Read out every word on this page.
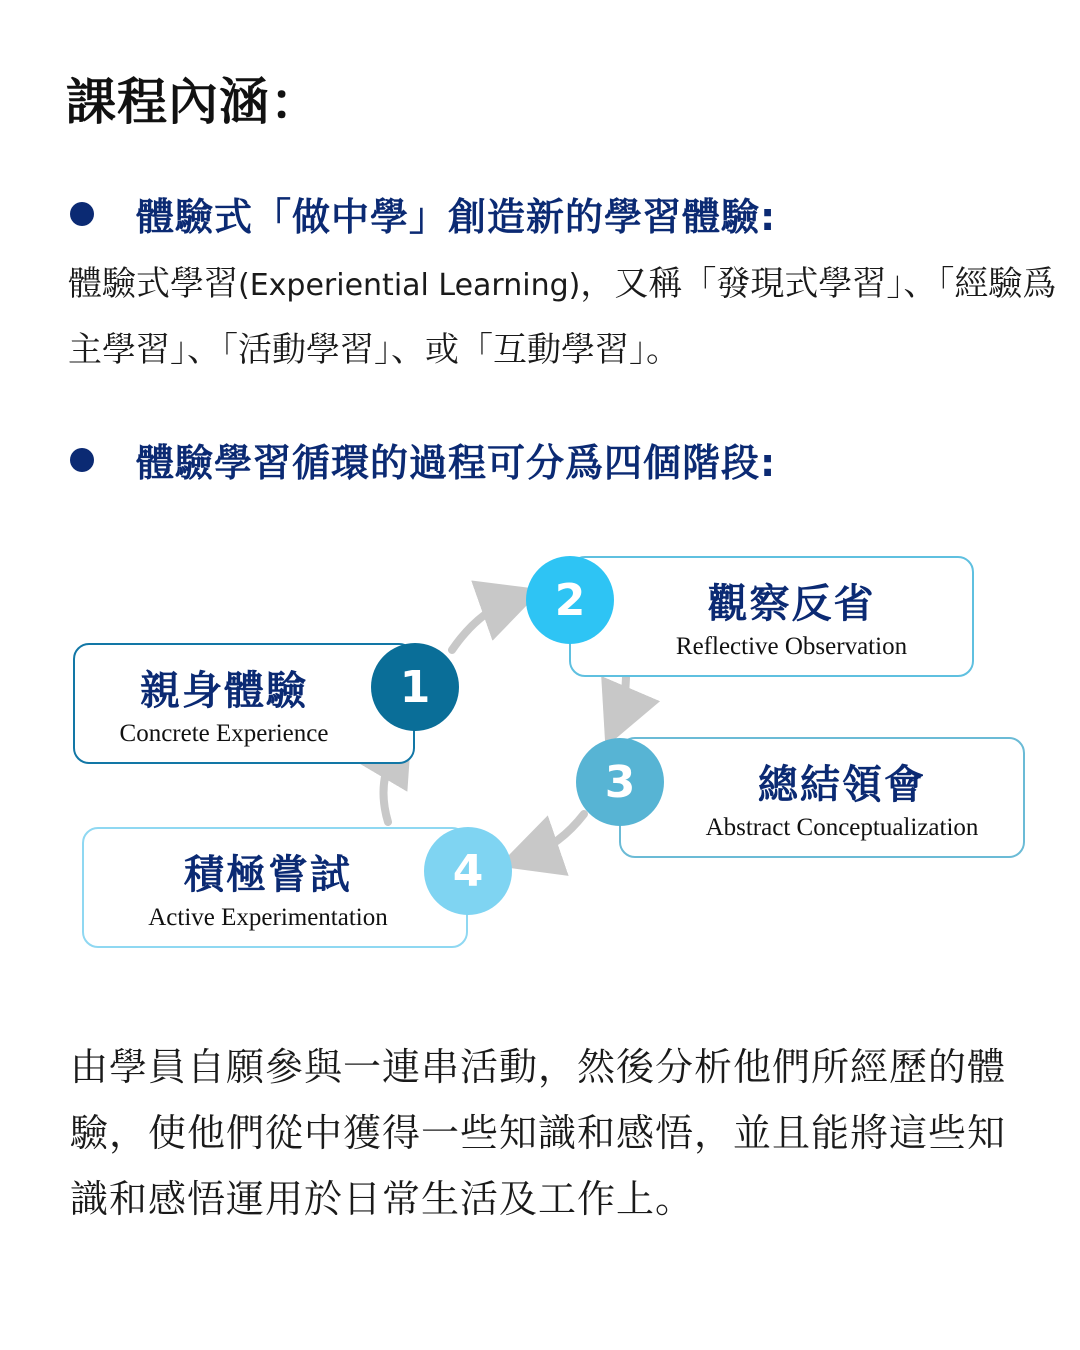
課程內涵：
體驗式「做中學」創造新的學習體驗:
體驗式學習(Experiential Learning)，又稱「發現式學習」、「經驗爲主學習」、「活動學習」、或「互動學習」。
體驗學習循環的過程可分爲四個階段:
親身體驗
Concrete Experience
觀察反省
Reflective Observation
總結領會
Abstract Conceptualization
積極嘗試
Active Experimentation
1
2
3
4
由學員自願參與一連串活動，然後分析他們所經歷的體驗，使他們從中獲得一些知識和感悟，並且能將這些知識和感悟運用於日常生活及工作上。
